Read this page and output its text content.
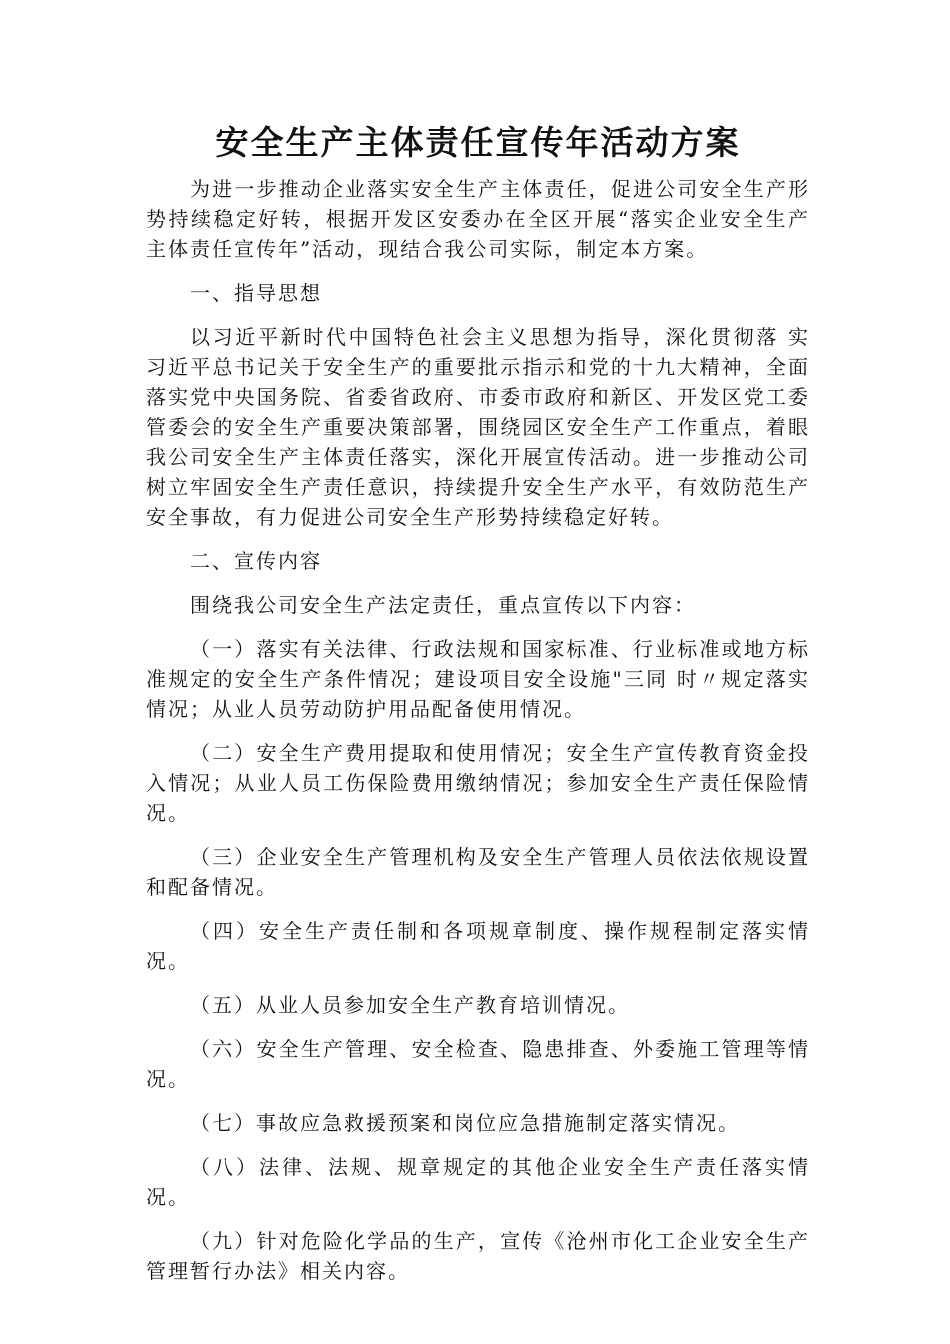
安全生产主体责任宣传年活动方案

为进一步推动企业落实安全生产主体责任，促进公司安全生产形势持续稳定好转，根据开发区安委办在全区开展“落实企业安全生产主体责任宣传年”活动，现结合我公司实际，制定本方案。

一、指导思想

以习近平新时代中国特色社会主义思想为指导，深化贯彻落 实习近平总书记关于安全生产的重要批示指示和党的十九大精神，全面落实党中央国务院、省委省政府、市委市政府和新区、开发区党工委管委会的安全生产重要决策部署，围绕园区安全生产工作重点，着眼我公司安全生产主体责任落实，深化开展宣传活动。进一步推动公司树立牢固安全生产责任意识，持续提升安全生产水平，有效防范生产安全事故，有力促进公司安全生产形势持续稳定好转。

二、宣传内容

围绕我公司安全生产法定责任，重点宣传以下内容：

（一）落实有关法律、行政法规和国家标准、行业标准或地方标准规定的安全生产条件情况；建设项目安全设施"三同 时〃规定落实情况；从业人员劳动防护用品配备使用情况。

（二）安全生产费用提取和使用情况；安全生产宣传教育资金投入情况；从业人员工伤保险费用缴纳情况；参加安全生产责任保险情况。

（三）企业安全生产管理机构及安全生产管理人员依法依规设置和配备情况。

（四）安全生产责任制和各项规章制度、操作规程制定落实情况。

（五）从业人员参加安全生产教育培训情况。

（六）安全生产管理、安全检查、隐患排查、外委施工管理等情况。

（七）事故应急救援预案和岗位应急措施制定落实情况。

（八）法律、法规、规章规定的其他企业安全生产责任落实情况。

（九）针对危险化学品的生产，宣传《沧州市化工企业安全生产管理暂行办法》相关内容。
